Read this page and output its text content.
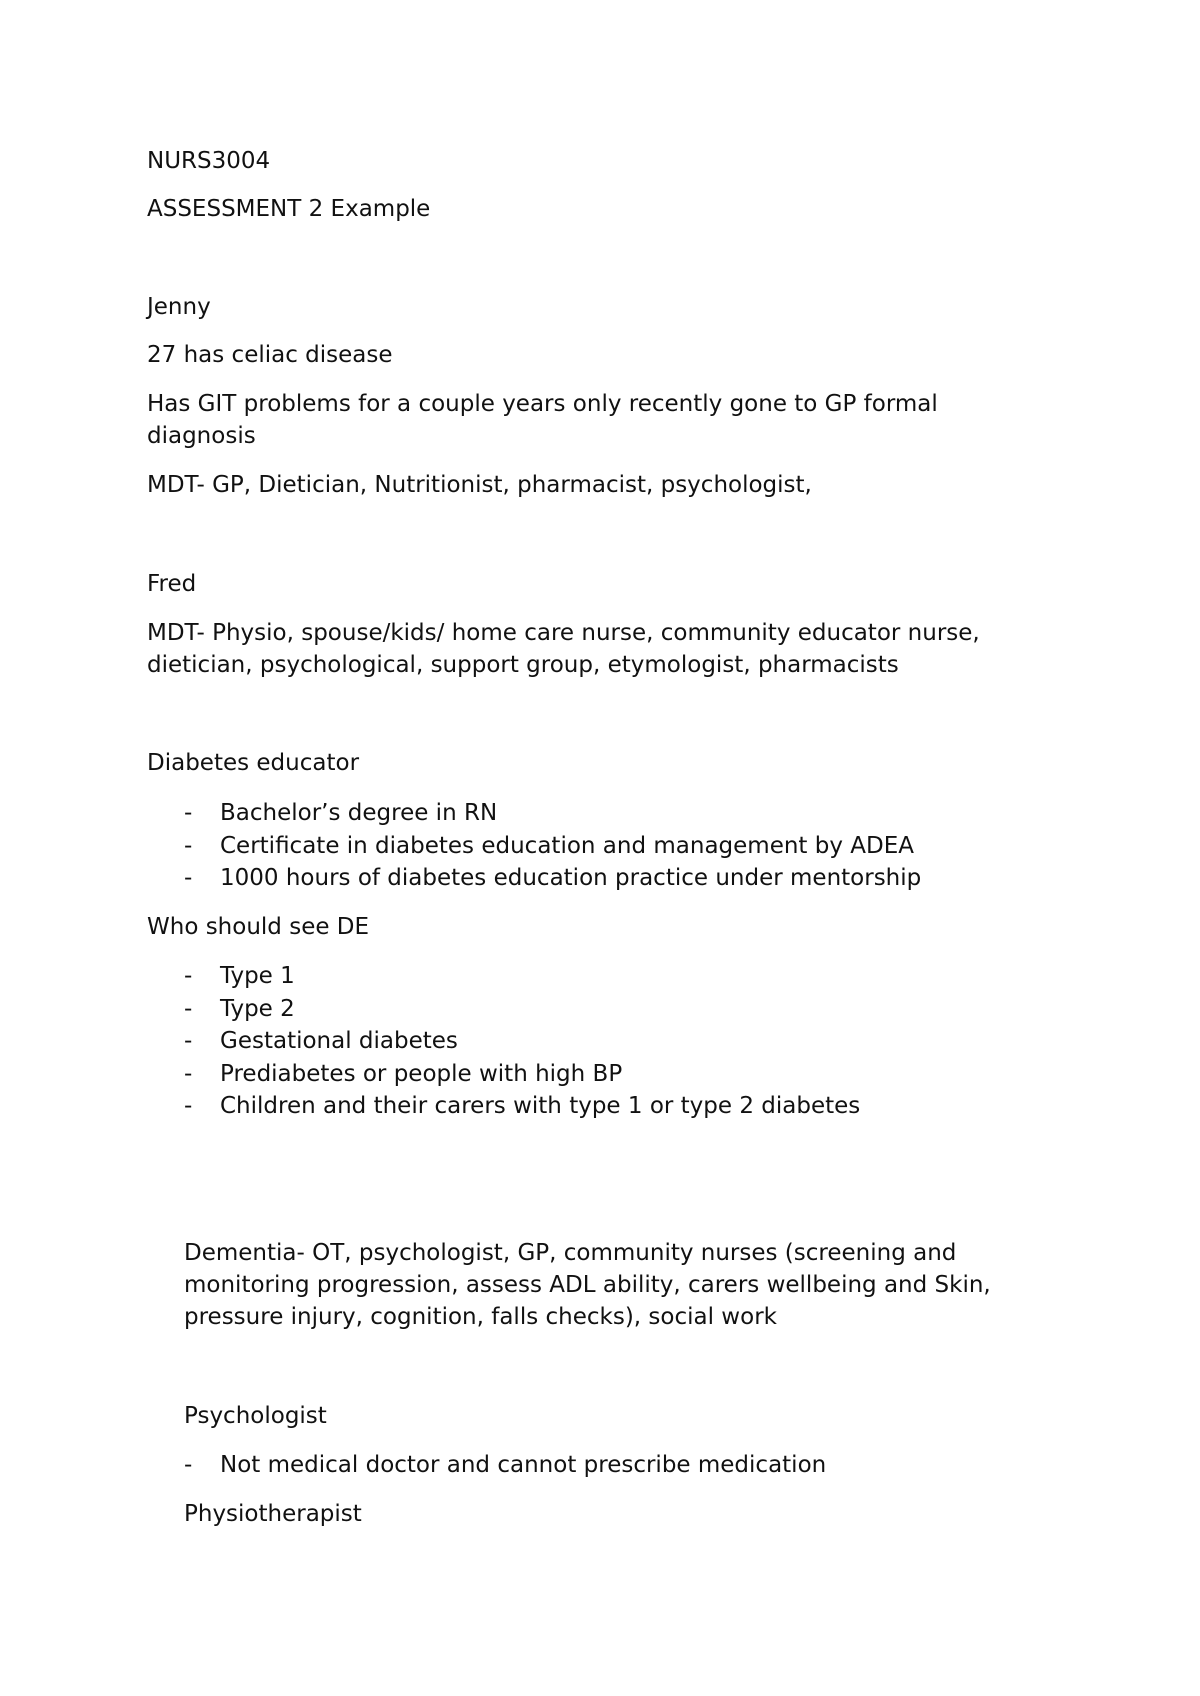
NURS3004

ASSESSMENT 2 Example

Jenny

27 has celiac disease

Has GIT problems for a couple years only recently gone to GP formal diagnosis

MDT- GP, Dietician, Nutritionist, pharmacist, psychologist,

Fred

MDT- Physio, spouse/kids/ home care nurse, community educator nurse, dietician, psychological, support group, etymologist, pharmacists

Diabetes educator

- Bachelor’s degree in RN
- Certificate in diabetes education and management by ADEA
- 1000 hours of diabetes education practice under mentorship

Who should see DE

- Type 1
- Type 2
- Gestational diabetes
- Prediabetes or people with high BP
- Children and their carers with type 1 or type 2 diabetes

Dementia- OT, psychologist, GP, community nurses (screening and monitoring progression, assess ADL ability, carers wellbeing and Skin, pressure injury, cognition, falls checks), social work

Psychologist

- Not medical doctor and cannot prescribe medication

Physiotherapist
